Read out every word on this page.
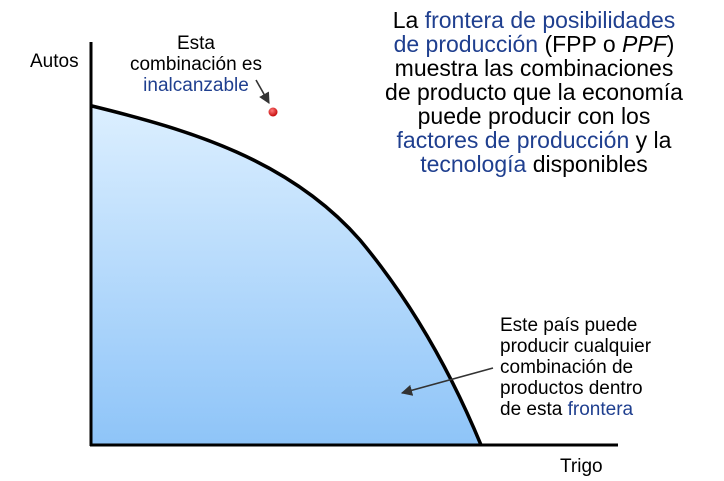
Autos
Trigo
Esta
combinación es
inalcanzable
La frontera de posibilidades
de producción (FPP o PPF)
muestra las combinaciones
de producto que la economía
puede producir con los
factores de producción y la
tecnología disponibles
Este país puede
producir cualquier
combinación de
productos dentro
de esta frontera
